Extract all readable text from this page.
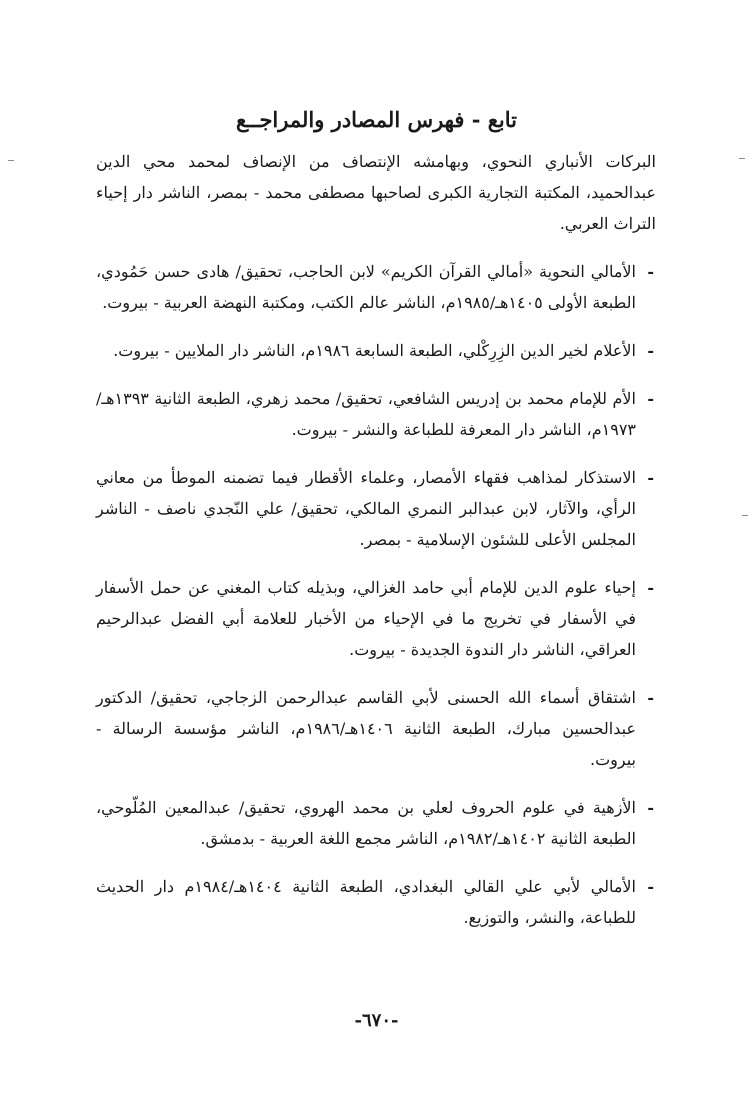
تابع - فهرس المصادر والمراجــع

البركات الأنباري النحوي، وبهامشه الإنتصاف من الإنصاف لمحمد محي الدين عبدالحميد، المكتبة التجارية الكبرى لصاحبها مصطفى محمد - بمصر، الناشر دار إحياء التراث العربي.

- الأمالي النحوية «أمالي القرآن الكريم» لابن الحاجب، تحقيق/ هادى حسن حَمُودي، الطبعة الأولى ١٤٠٥هـ/١٩٨٥م، الناشر عالم الكتب، ومكتبة النهضة العربية - بيروت.

- الأعلام لخير الدين الزِرِكْلي، الطبعة السابعة ١٩٨٦م، الناشر دار الملايين - بيروت.

- الأم للإمام محمد بن إدريس الشافعي، تحقيق/ محمد زهري، الطبعة الثانية ١٣٩٣هـ/١٩٧٣م، الناشر دار المعرفة للطباعة والنشر - بيروت.

- الاستذكار لمذاهب فقهاء الأمصار، وعلماء الأقطار فيما تضمنه الموطأ من معاني الرأي، والآثار، لابن عبدالبر النمري المالكي، تحقيق/ علي النّجدي ناصف - الناشر المجلس الأعلى للشئون الإسلامية - بمصر.

- إحياء علوم الدين للإمام أبي حامد الغزالي، وبذيله كتاب المغني عن حمل الأسفار في الأسفار في تخريج ما في الإحياء من الأخبار للعلامة أبي الفضل عبدالرحيم العراقي، الناشر دار الندوة الجديدة - بيروت.

- اشتقاق أسماء الله الحسنى لأبي القاسم عبدالرحمن الزجاجي، تحقيق/ الدكتور عبدالحسين مبارك، الطبعة الثانية ١٤٠٦هـ/١٩٨٦م، الناشر مؤسسة الرسالة - بيروت.

- الأزهية في علوم الحروف لعلي بن محمد الهروي، تحقيق/ عبدالمعين المُلّوحي، الطبعة الثانية ١٤٠٢هـ/١٩٨٢م، الناشر مجمع اللغة العربية - بدمشق.

- الأمالي لأبي علي القالي البغدادي، الطبعة الثانية ١٤٠٤هـ/١٩٨٤م دار الحديث للطباعة، والنشر، والتوزيع.

-٦٧٠-
